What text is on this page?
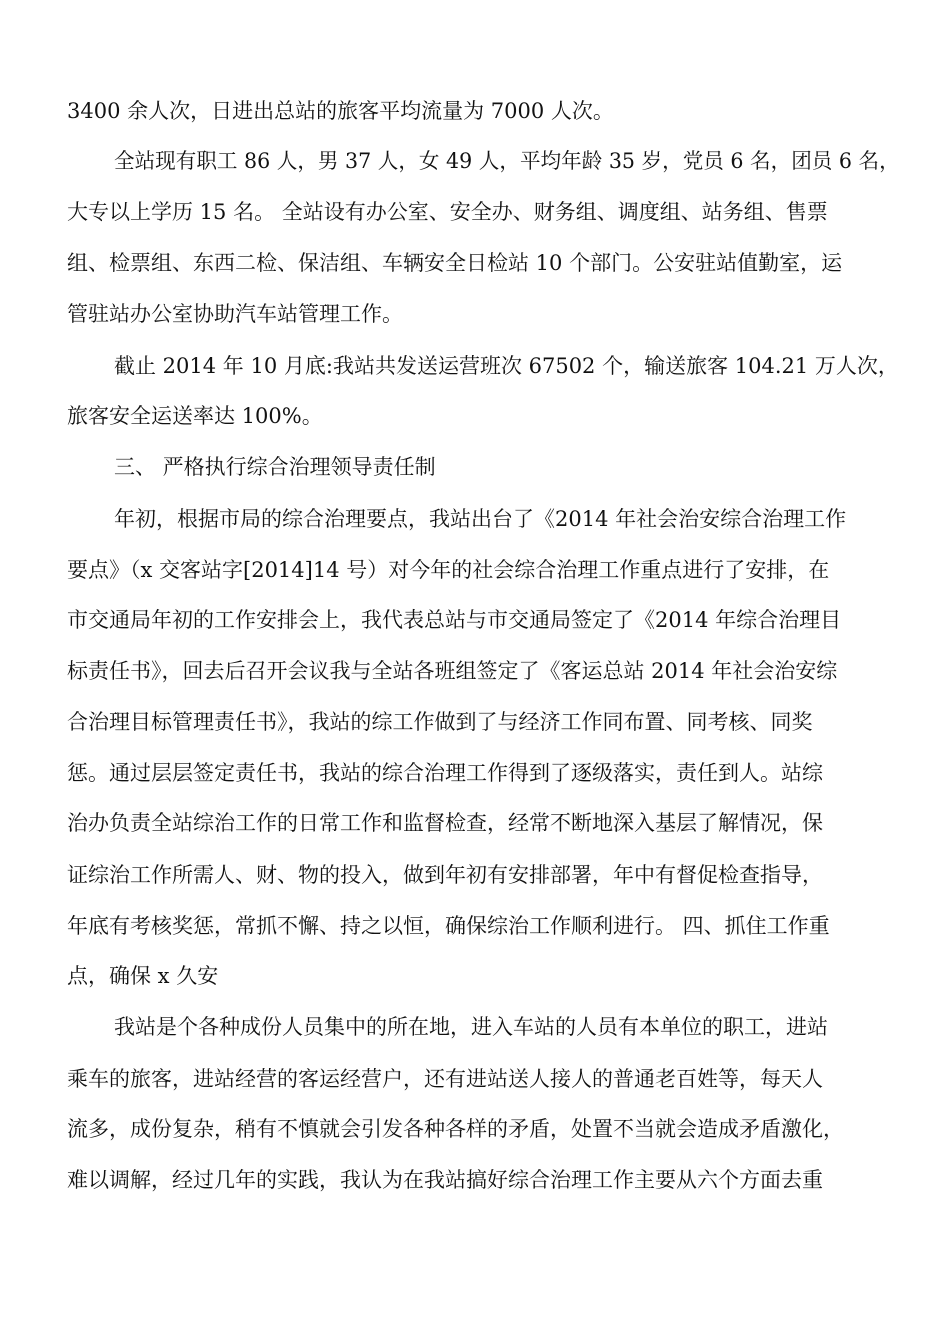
3400 余人次，日进出总站的旅客平均流量为 7000 人次。
全站现有职工 86 人，男 37 人，女 49 人，平均年龄 35 岁，党员 6 名，团员 6 名，
大专以上学历 15 名。 全站设有办公室、安全办、财务组、调度组、站务组、售票
组、检票组、东西二检、保洁组、车辆安全日检站 10 个部门。公安驻站值勤室，运
管驻站办公室协助汽车站管理工作。
截止 2014 年 10 月底:我站共发送运营班次 67502 个，输送旅客 104.21 万人次，
旅客安全运送率达 100%。
三、 严格执行综合治理领导责任制
年初，根据市局的综合治理要点，我站出台了《2014 年社会治安综合治理工作
要点》（x 交客站字[2014]14 号）对今年的社会综合治理工作重点进行了安排，在
市交通局年初的工作安排会上，我代表总站与市交通局签定了《2014 年综合治理目
标责任书》，回去后召开会议我与全站各班组签定了《客运总站 2014 年社会治安综
合治理目标管理责任书》，我站的综工作做到了与经济工作同布置、同考核、同奖
惩。通过层层签定责任书，我站的综合治理工作得到了逐级落实，责任到人。站综
治办负责全站综治工作的日常工作和监督检查，经常不断地深入基层了解情况，保
证综治工作所需人、财、物的投入，做到年初有安排部署，年中有督促检查指导，
年底有考核奖惩，常抓不懈、持之以恒，确保综治工作顺利进行。 四、抓住工作重
点，确保 x 久安
我站是个各种成份人员集中的所在地，进入车站的人员有本单位的职工，进站
乘车的旅客，进站经营的客运经营户，还有进站送人接人的普通老百姓等，每天人
流多，成份复杂，稍有不慎就会引发各种各样的矛盾，处置不当就会造成矛盾激化，
难以调解，经过几年的实践，我认为在我站搞好综合治理工作主要从六个方面去重
